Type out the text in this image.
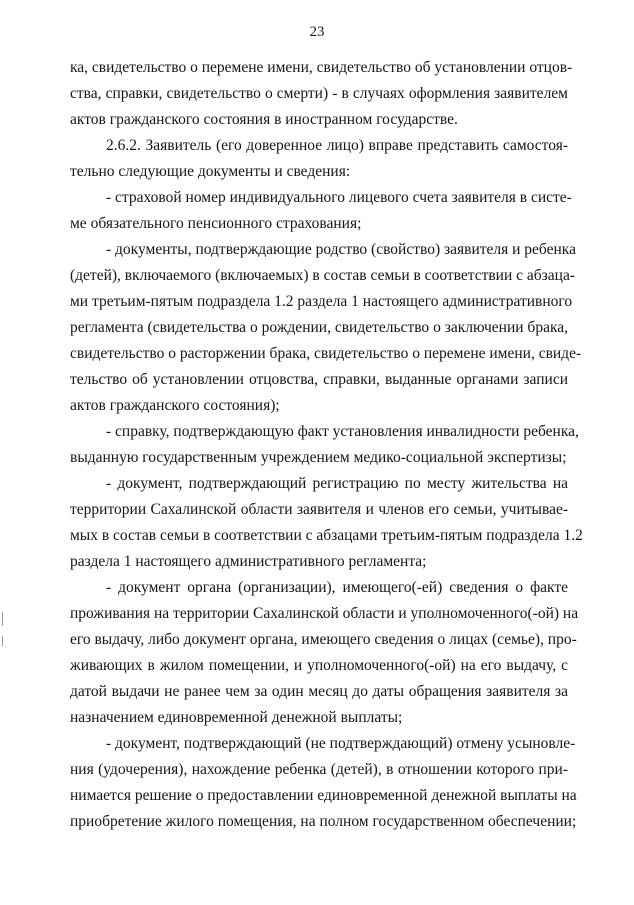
23
ка, свидетельство о перемене имени, свидетельство об установлении отцов-
ства, справки, свидетельство о смерти) - в случаях оформления заявителем
актов гражданского состояния в иностранном государстве.
2.6.2. Заявитель (его доверенное лицо) вправе представить самостоя-
тельно следующие документы и сведения:
- страховой номер индивидуального лицевого счета заявителя в систе-
ме обязательного пенсионного страхования;
- документы, подтверждающие родство (свойство) заявителя и ребенка
(детей), включаемого (включаемых) в состав семьи в соответствии с абзаца-
ми третьим-пятым подраздела 1.2 раздела 1 настоящего административного
регламента (свидетельства о рождении, свидетельство о заключении брака,
свидетельство о расторжении брака, свидетельство о перемене имени, свиде-
тельство об установлении отцовства, справки, выданные органами записи
актов гражданского состояния);
- справку, подтверждающую факт установления инвалидности ребенка,
выданную государственным учреждением медико-социальной экспертизы;
- документ, подтверждающий регистрацию по месту жительства на
территории Сахалинской области заявителя и членов его семьи, учитывае-
мых в состав семьи в соответствии с абзацами третьим-пятым подраздела 1.2
раздела 1 настоящего административного регламента;
- документ органа (организации), имеющего(-ей) сведения о факте
проживания на территории Сахалинской области и уполномоченного(-ой) на
его выдачу, либо документ органа, имеющего сведения о лицах (семье), про-
живающих в жилом помещении, и уполномоченного(-ой) на его выдачу, с
датой выдачи не ранее чем за один месяц до даты обращения заявителя за
назначением единовременной денежной выплаты;
- документ, подтверждающий (не подтверждающий) отмену усыновле-
ния (удочерения), нахождение ребенка (детей), в отношении которого при-
нимается решение о предоставлении единовременной денежной выплаты на
приобретение жилого помещения, на полном государственном обеспечении;
